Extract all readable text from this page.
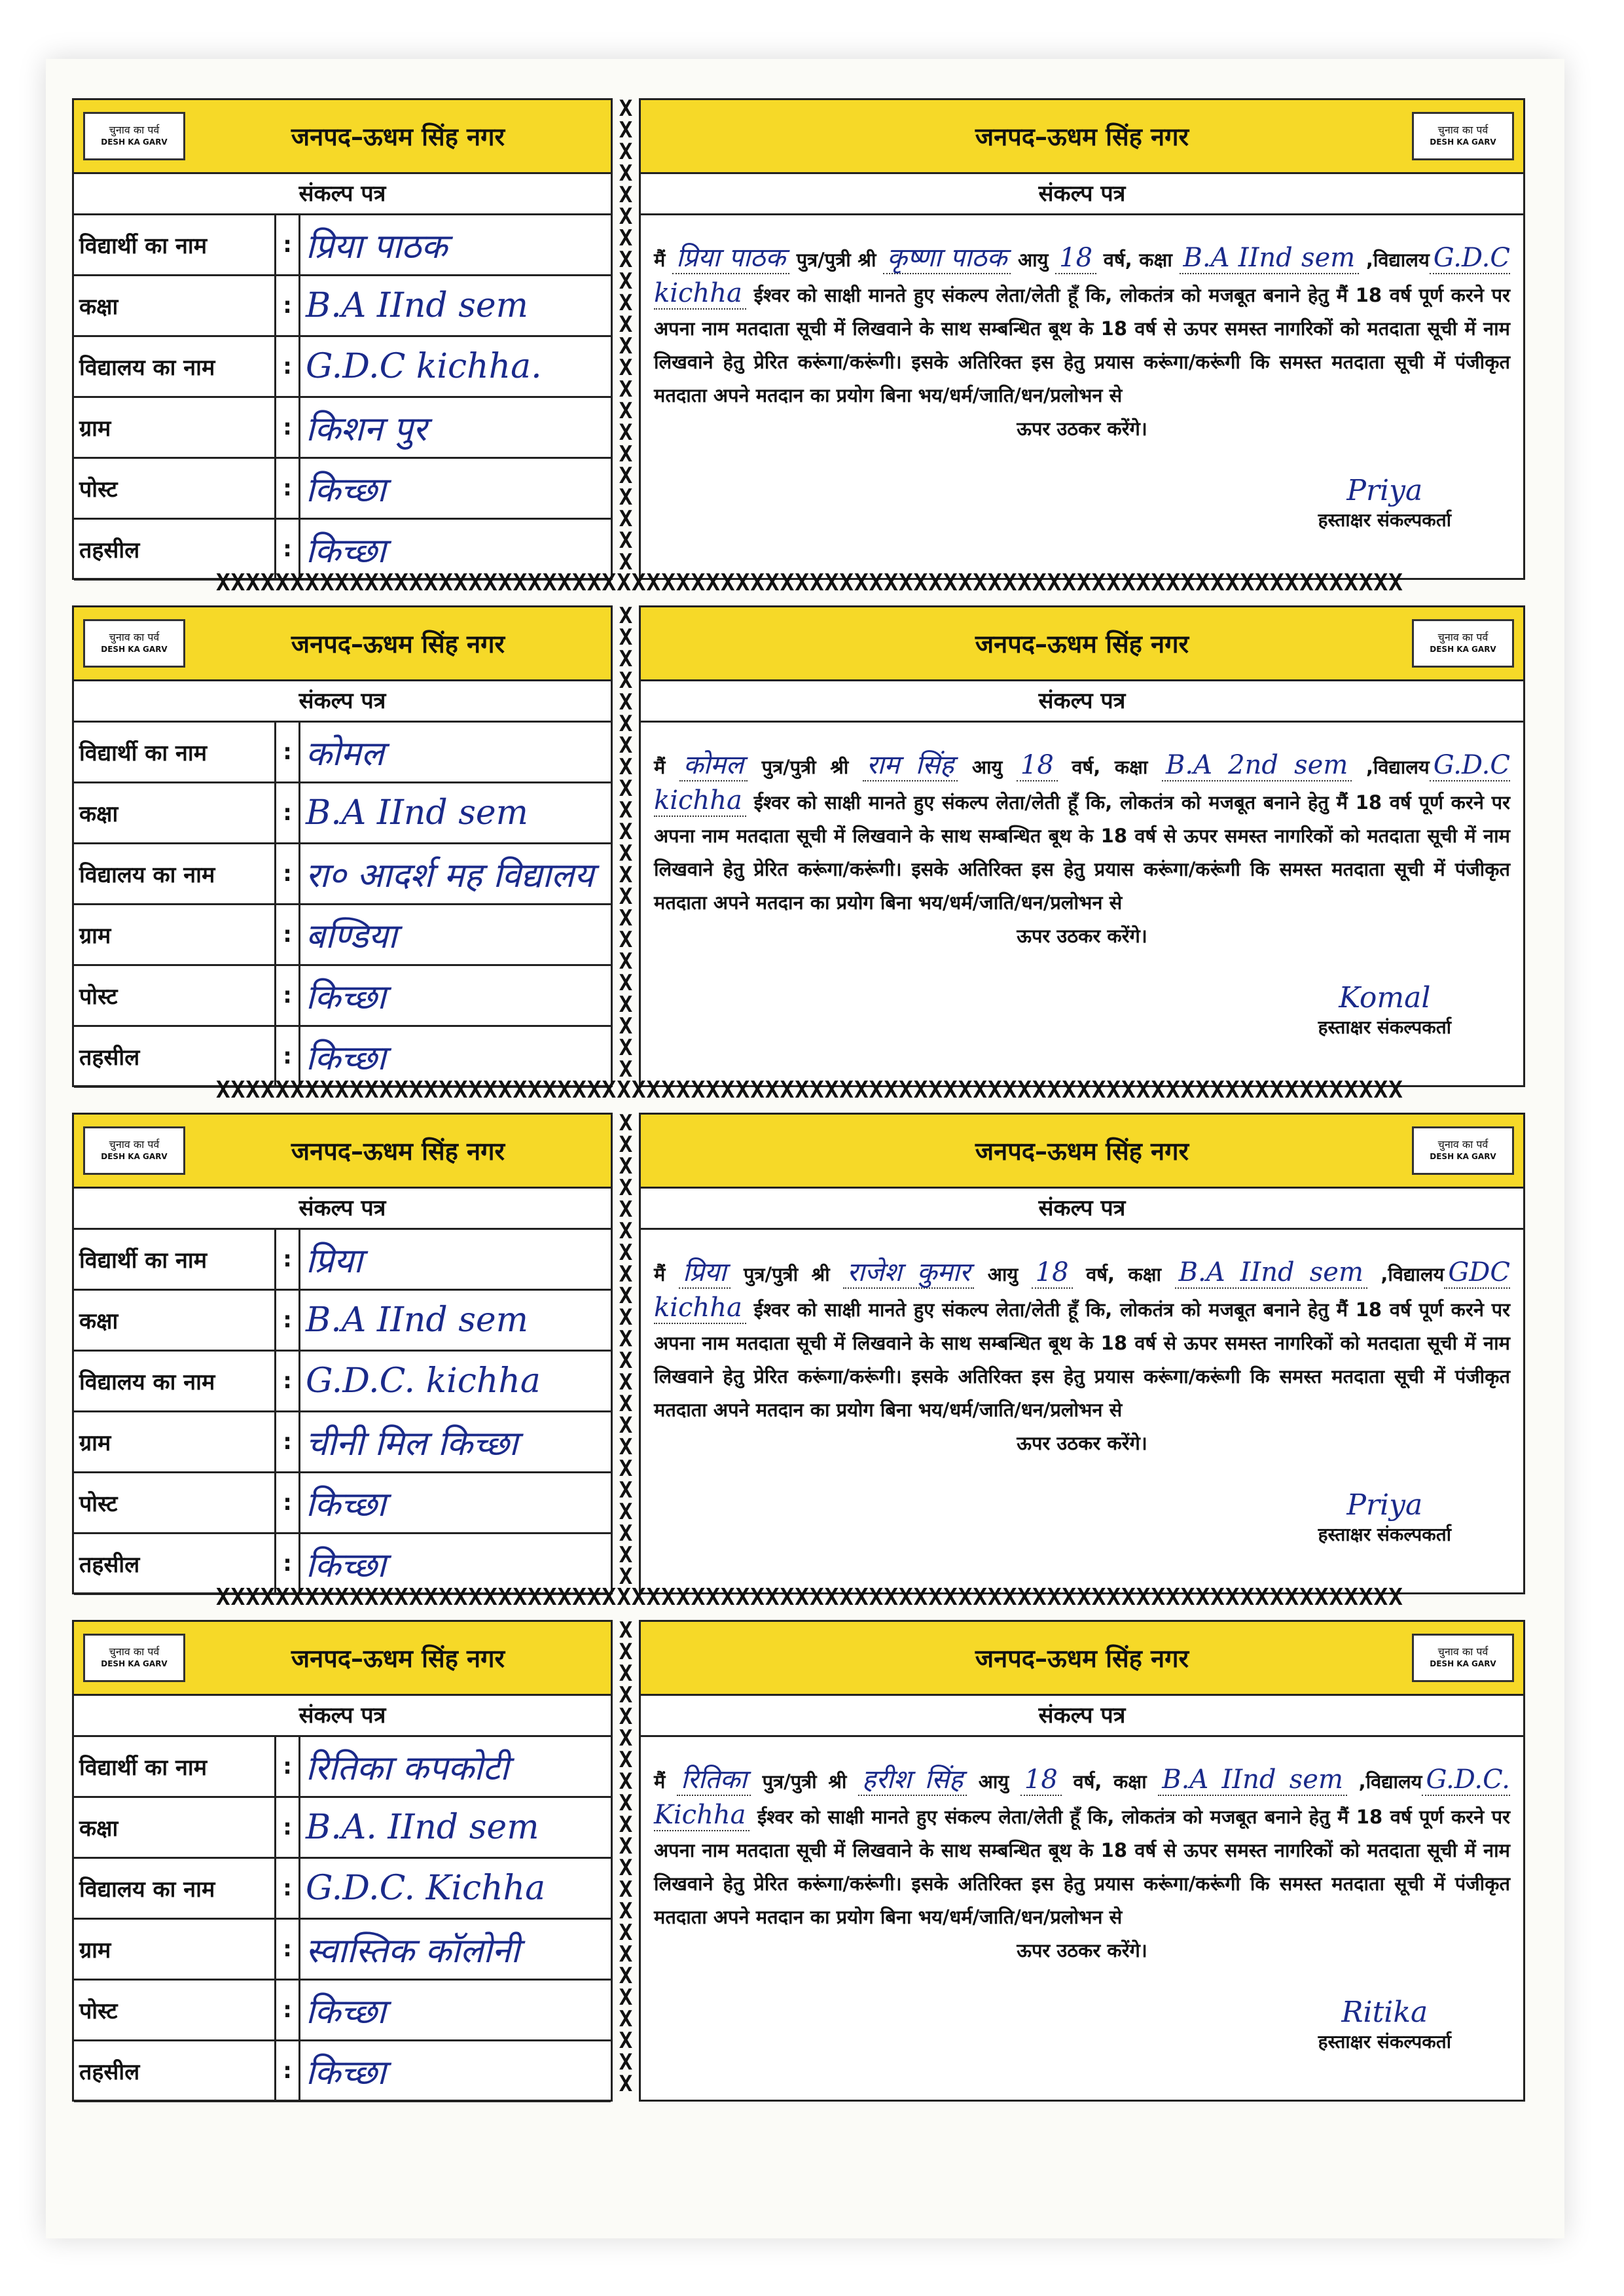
चुनाव का पर्व
DESH KA GARV	जनपद–ऊधम सिंह नगर
संकल्प पत्र
विद्यार्थी का नाम	:	प्रिया पाठक
कक्षा	:	B.A IInd sem
विद्यालय का नाम	:	G.D.C kichha.
ग्राम	:	किशन पुर
पोस्ट	:	किच्छा
तहसील	:	किच्छा
X
X
X
X
X
X
X
X
X
X
X
X
X
X
X
X
X
X
X
X
X
X
जनपद–ऊधम सिंह नगर	चुनाव का पर्व
DESH KA GARV
संकल्प पत्र
मैं प्रिया पाठक पुत्र/पुत्री श्री कृष्णा पाठक आयु 18 वर्ष, कक्षा B.A IInd sem ,विद्यालय G.D.C kichha ईश्वर को साक्षी मानते हुए संकल्प लेता/लेती हूँ कि, लोकतंत्र को मजबूत बनाने हेतु मैं 18 वर्ष पूर्ण करने पर अपना नाम मतदाता सूची में लिखवाने के साथ सम्बन्धित बूथ के 18 वर्ष से ऊपर समस्त नागरिकों को मतदाता सूची में नाम लिखवाने हेतु प्रेरित करूंगा/करूंगी। इसके अतिरिक्त इस हेतु प्रयास करूंगा/करूंगी कि समस्त मतदाता सूची में पंजीकृत मतदाता अपने मतदान का प्रयोग बिना भय/धर्म/जाति/धन/प्रलोभन से
ऊपर उठकर करेंगे।
Priya
हस्ताक्षर संकल्पकर्ता
चुनाव का पर्व
DESH KA GARV	जनपद–ऊधम सिंह नगर
संकल्प पत्र
विद्यार्थी का नाम	:	कोमल
कक्षा	:	B.A IInd sem
विद्यालय का नाम	:	रा० आदर्श मह विद्यालय
ग्राम	:	बण्डिया
पोस्ट	:	किच्छा
तहसील	:	किच्छा
X
X
X
X
X
X
X
X
X
X
X
X
X
X
X
X
X
X
X
X
X
X
जनपद–ऊधम सिंह नगर	चुनाव का पर्व
DESH KA GARV
संकल्प पत्र
मैं कोमल पुत्र/पुत्री श्री राम सिंह आयु 18 वर्ष, कक्षा B.A 2nd sem ,विद्यालय G.D.C kichha ईश्वर को साक्षी मानते हुए संकल्प लेता/लेती हूँ कि, लोकतंत्र को मजबूत बनाने हेतु मैं 18 वर्ष पूर्ण करने पर अपना नाम मतदाता सूची में लिखवाने के साथ सम्बन्धित बूथ के 18 वर्ष से ऊपर समस्त नागरिकों को मतदाता सूची में नाम लिखवाने हेतु प्रेरित करूंगा/करूंगी। इसके अतिरिक्त इस हेतु प्रयास करूंगा/करूंगी कि समस्त मतदाता सूची में पंजीकृत मतदाता अपने मतदान का प्रयोग बिना भय/धर्म/जाति/धन/प्रलोभन से
ऊपर उठकर करेंगे।
Komal
हस्ताक्षर संकल्पकर्ता
चुनाव का पर्व
DESH KA GARV	जनपद–ऊधम सिंह नगर
संकल्प पत्र
विद्यार्थी का नाम	:	प्रिया
कक्षा	:	B.A IInd sem
विद्यालय का नाम	:	G.D.C. kichha
ग्राम	:	चीनी मिल किच्छा
पोस्ट	:	किच्छा
तहसील	:	किच्छा
X
X
X
X
X
X
X
X
X
X
X
X
X
X
X
X
X
X
X
X
X
X
जनपद–ऊधम सिंह नगर	चुनाव का पर्व
DESH KA GARV
संकल्प पत्र
मैं प्रिया पुत्र/पुत्री श्री राजेश कुमार आयु 18 वर्ष, कक्षा B.A IInd sem ,विद्यालय GDC kichha ईश्वर को साक्षी मानते हुए संकल्प लेता/लेती हूँ कि, लोकतंत्र को मजबूत बनाने हेतु मैं 18 वर्ष पूर्ण करने पर अपना नाम मतदाता सूची में लिखवाने के साथ सम्बन्धित बूथ के 18 वर्ष से ऊपर समस्त नागरिकों को मतदाता सूची में नाम लिखवाने हेतु प्रेरित करूंगा/करूंगी। इसके अतिरिक्त इस हेतु प्रयास करूंगा/करूंगी कि समस्त मतदाता सूची में पंजीकृत मतदाता अपने मतदान का प्रयोग बिना भय/धर्म/जाति/धन/प्रलोभन से
ऊपर उठकर करेंगे।
Priya
हस्ताक्षर संकल्पकर्ता
चुनाव का पर्व
DESH KA GARV	जनपद–ऊधम सिंह नगर
संकल्प पत्र
विद्यार्थी का नाम	:	रितिका कपकोटी
कक्षा	:	B.A. IInd sem
विद्यालय का नाम	:	G.D.C. Kichha
ग्राम	:	स्वास्तिक कॉलोनी
पोस्ट	:	किच्छा
तहसील	:	किच्छा
X
X
X
X
X
X
X
X
X
X
X
X
X
X
X
X
X
X
X
X
X
X
जनपद–ऊधम सिंह नगर	चुनाव का पर्व
DESH KA GARV
संकल्प पत्र
मैं रितिका पुत्र/पुत्री श्री हरीश सिंह आयु 18 वर्ष, कक्षा B.A IInd sem ,विद्यालय G.D.C. Kichha ईश्वर को साक्षी मानते हुए संकल्प लेता/लेती हूँ कि, लोकतंत्र को मजबूत बनाने हेतु मैं 18 वर्ष पूर्ण करने पर अपना नाम मतदाता सूची में लिखवाने के साथ सम्बन्धित बूथ के 18 वर्ष से ऊपर समस्त नागरिकों को मतदाता सूची में नाम लिखवाने हेतु प्रेरित करूंगा/करूंगी। इसके अतिरिक्त इस हेतु प्रयास करूंगा/करूंगी कि समस्त मतदाता सूची में पंजीकृत मतदाता अपने मतदान का प्रयोग बिना भय/धर्म/जाति/धन/प्रलोभन से
ऊपर उठकर करेंगे।
Ritika
हस्ताक्षर संकल्पकर्ता
XXXXXXXXXXXXXXXXXXXXXXXXXXXXXXXXXXXXXXXXXXXXXXXXXXXXXXXXXXXXXXXXXXXXXXXXXXXXXXXX
XXXXXXXXXXXXXXXXXXXXXXXXXXXXXXXXXXXXXXXXXXXXXXXXXXXXXXXXXXXXXXXXXXXXXXXXXXXXXXXX
XXXXXXXXXXXXXXXXXXXXXXXXXXXXXXXXXXXXXXXXXXXXXXXXXXXXXXXXXXXXXXXXXXXXXXXXXXXXXXXX
